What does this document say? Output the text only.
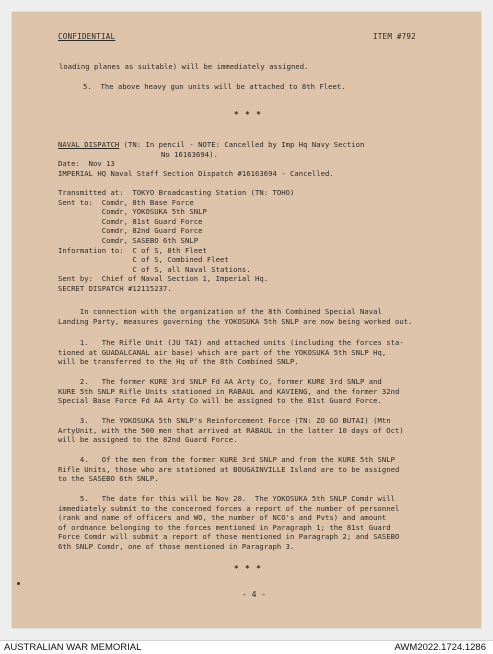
CONFIDENTIAL	ITEM #792
loading planes as suitable) will be immediately assigned.
5.  The above heavy gun units will be attached to 8th Fleet.
* * *
NAVAL DISPATCH (TN: In pencil - NOTE: Cancelled by Imp Hq Navy Section
No 16163694).
Date:  Nov 13
IMPERIAL HQ Naval Staff Section Dispatch #16163694 - Cancelled.
Transmitted at:  TOKYO Broadcasting Station (TN: TOHO)
Sent to:  Comdr, 8th Base Force
Comdr, YOKOSUKA 5th SNLP
Comdr, 81st Guard Force
Comdr, 82nd Guard Force
Comdr, SASEBO 6th SNLP
Information to:  C of S, 8th Fleet
C of S, Combined Fleet
C of S, all Naval Stations.
Sent by:  Chief of Naval Section 1, Imperial Hq.
SECRET DISPATCH #12115237.
In connection with the organization of the 8th Combined Special Naval
Landing Party, measures governing the YOKOSUKA 5th SNLP are now being worked out.
1.   The Rifle Unit (JU TAI) and attached units (including the forces sta-
tioned at GUADALCANAL air base) which are part of the YOKOSUKA 5th SNLP Hq,
will be transferred to the Hq of the 8th Combined SNLP.
2.   The former KURE 3rd SNLP Fd AA Arty Co, former KURE 3rd SNLP and
KURE 5th SNLP Rifle Units stationed in RABAUL and KAVIENG, and the former 32nd
Special Base Force Fd AA Arty Co will be assigned to the 81st Guard Force.
3.   The YOKOSUKA 5th SNLP's Reinforcement Force (TN: ZO GO BUTAI) (Mtn
ArtyUnit, with the 500 men that arrived at RABAUL in the latter 10 days of Oct)
will be assigned to the 82nd Guard Force.
4.   Of the men from the former KURE 3rd SNLP and from the KURE 5th SNLP
Rifle Units, those who are stationed at BOUGAINVILLE Island are to be assigned
to the SASEBO 6th SNLP.
5.   The date for this will be Nov 20.  The YOKOSUKA 5th SNLP Comdr will
immediately submit to the concerned forces a report of the number of personnel
(rank and name of officers and WO, the number of NCO's and Pvts) and amount
of ordnance belonging to the forces mentioned in Paragraph 1; the 81st Guard
Force Comdr will submit a report of those mentioned in Paragraph 2; and SASEBO
6th SNLP Comdr, one of those mentioned in Paragraph 3.
* * *
- 4 -
AUSTRALIAN WAR MEMORIAL	AWM2022.1724.1286
